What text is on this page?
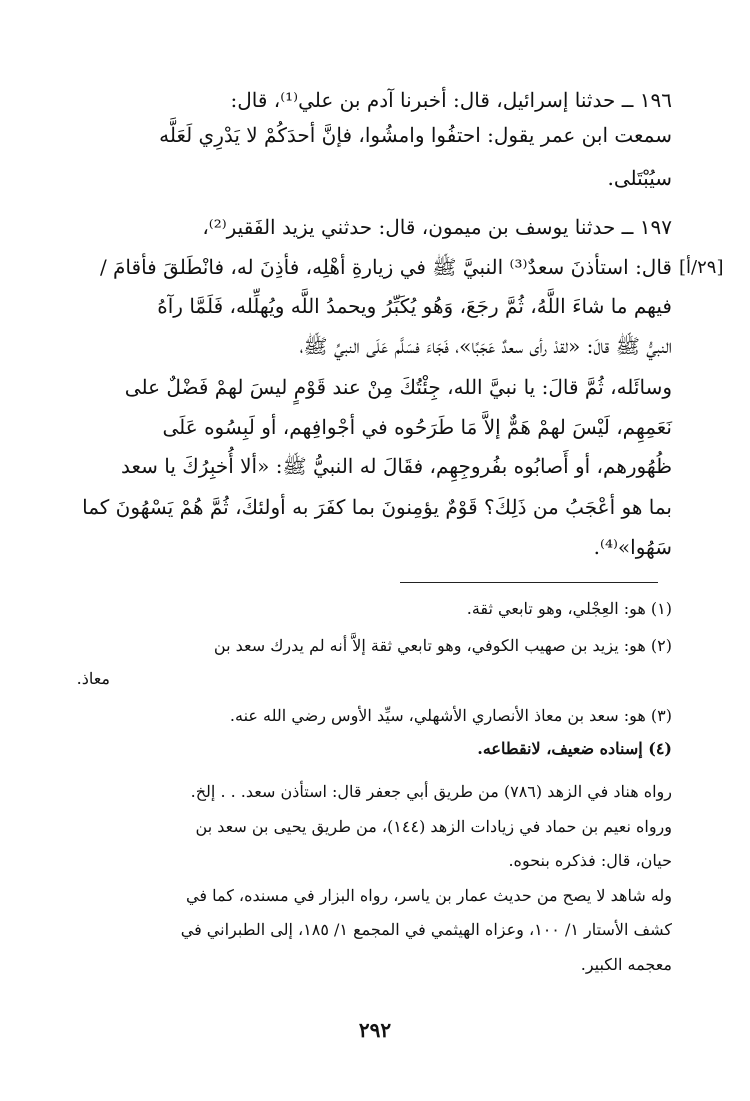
١٩٦ ــ حدثنا إسرائيل، قال: أخبرنا آدم بن علي⁽¹⁾، قال:
سمعت ابن عمر يقول: احتفُوا وامشُوا، فإنَّ أحدَكُمْ لا يَدْرِي لَعَلَّه
سيُبْتَلى.
١٩٧ ــ حدثنا يوسف بن ميمون، قال: حدثني يزيد الفَقير⁽²⁾،
[٢٩/أ]
قال: استأذنَ سعدٌ⁽³⁾ النبيَّ ﷺ في زيارةِ أهْلِه، فأذِنَ له، فانْطَلقَ فأقامَ /
فيهم ما شاءَ اللَّهُ، ثُمَّ رجَعَ، وَهُو يُكَبِّرُ ويحمدُ اللَّه ويُهلِّله، فَلَمَّا رآهُ
النبيُّ ﷺ قالَ: «لقدْ رأى سعدٌ عَجَبًا»، فَجَاءَ فسَلَّم عَلَى النبيِّ ﷺ،
وسائَله، ثُمَّ قالَ: يا نبيَّ الله، جِئْتُكَ مِنْ عند قَوْمٍ ليسَ لهمْ فَضْلٌ على
نَعَمِهِم، لَيْسَ لهمْ هَمٌّ إلاَّ مَا طَرَحُوه في أجْوافِهم، أو لَبِسُوه عَلَى
ظُهُورهم، أو أَصابُوه بفُروجِهِم، فقَالَ له النبيُّ ﷺ: «ألا أُخبِرُكَ يا سعد
بما هو أعْجَبُ من ذَلِكَ؟ قَوْمٌ يؤمِنونَ بما كفَرَ به أولئكَ، ثُمَّ هُمْ يَسْهُونَ كما
سَهُوا»⁽⁴⁾.
(١) هو: العِجْلي، وهو تابعي ثقة.
(٢) هو: يزيد بن صهيب الكوفي، وهو تابعي ثقة إلاَّ أنه لم يدرك سعد بن
معاذ.
(٣) هو: سعد بن معاذ الأنصاري الأشهلي، سيِّد الأوس رضي الله عنه.
(٤) إسناده ضعيف، لانقطاعه.
رواه هناد في الزهد (٧٨٦) من طريق أبي جعفر قال: استأذن سعد. . . إلخ.
ورواه نعيم بن حماد في زيادات الزهد (١٤٤)، من طريق يحيى بن سعد بن
حيان، قال: فذكره بنحوه.
وله شاهد لا يصح من حديث عمار بن ياسر، رواه البزار في مسنده، كما في
كشف الأستار ١/ ١٠٠، وعزاه الهيثمي في المجمع ١/ ١٨٥، إلى الطبراني في
معجمه الكبير.
٢٩٢
